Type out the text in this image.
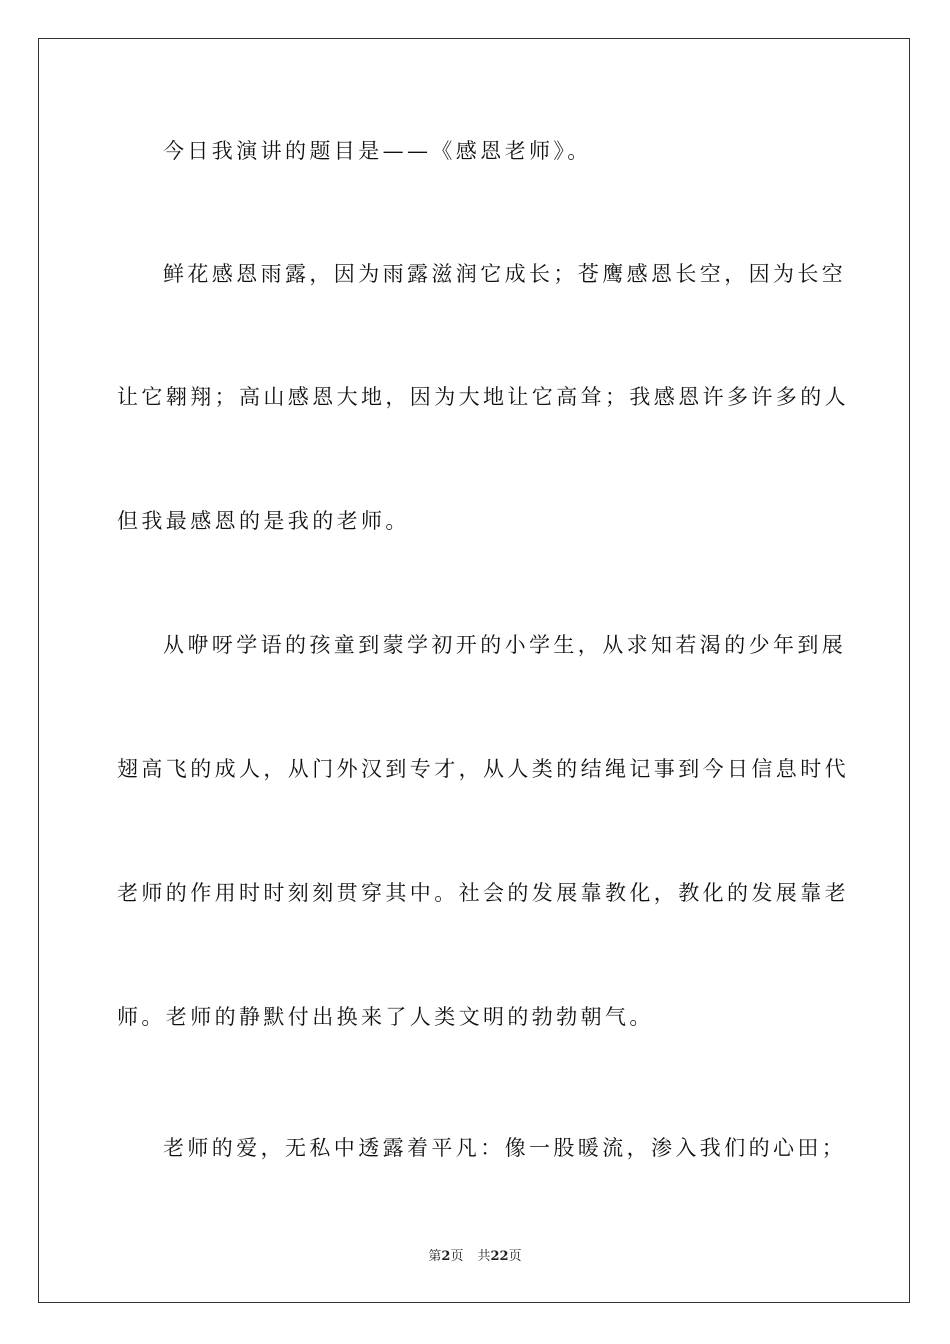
今日我演讲的题目是——《感恩老师》。
鲜花感恩雨露，因为雨露滋润它成长；苍鹰感恩长空，因为长空
让它翱翔；高山感恩大地，因为大地让它高耸；我感恩许多许多的人
但我最感恩的是我的老师。
从咿呀学语的孩童到蒙学初开的小学生，从求知若渴的少年到展
翅高飞的成人，从门外汉到专才，从人类的结绳记事到今日信息时代
老师的作用时时刻刻贯穿其中。社会的发展靠教化，教化的发展靠老
师。老师的静默付出换来了人类文明的勃勃朝气。
老师的爱，无私中透露着平凡：像一股暖流，渗入我们的心田；
第2页 共22页
